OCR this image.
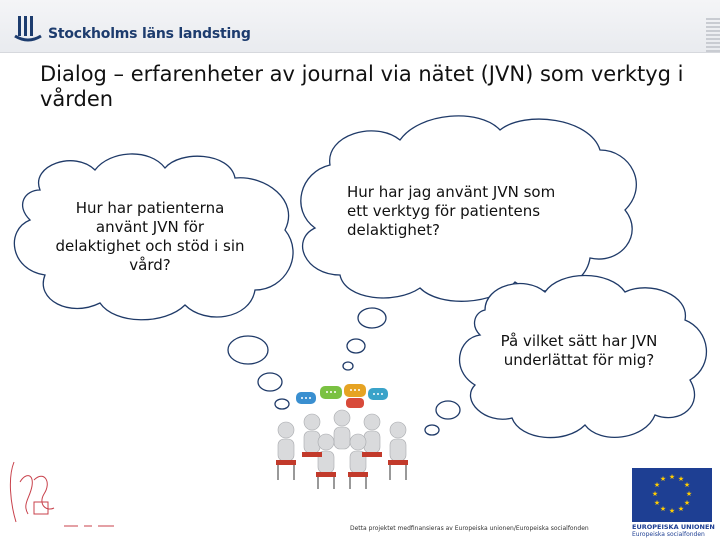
Stockholms läns landsting
Dialog – erfarenheter av journal via nätet (JVN) som verktyg i vården
Hur har patienterna använt JVN för delaktighet och stöd i sin vård?
Hur har jag använt JVN som ett verktyg för patientens delaktighet?
På vilket sätt har JVN underlättat för mig?
Detta projektet medfinansieras av Europeiska unionen/Europeiska socialfonden
★ ★
★
★
★
★
★
★
★
★
★
★
EUROPEISKA UNIONEN
Europeiska socialfonden
